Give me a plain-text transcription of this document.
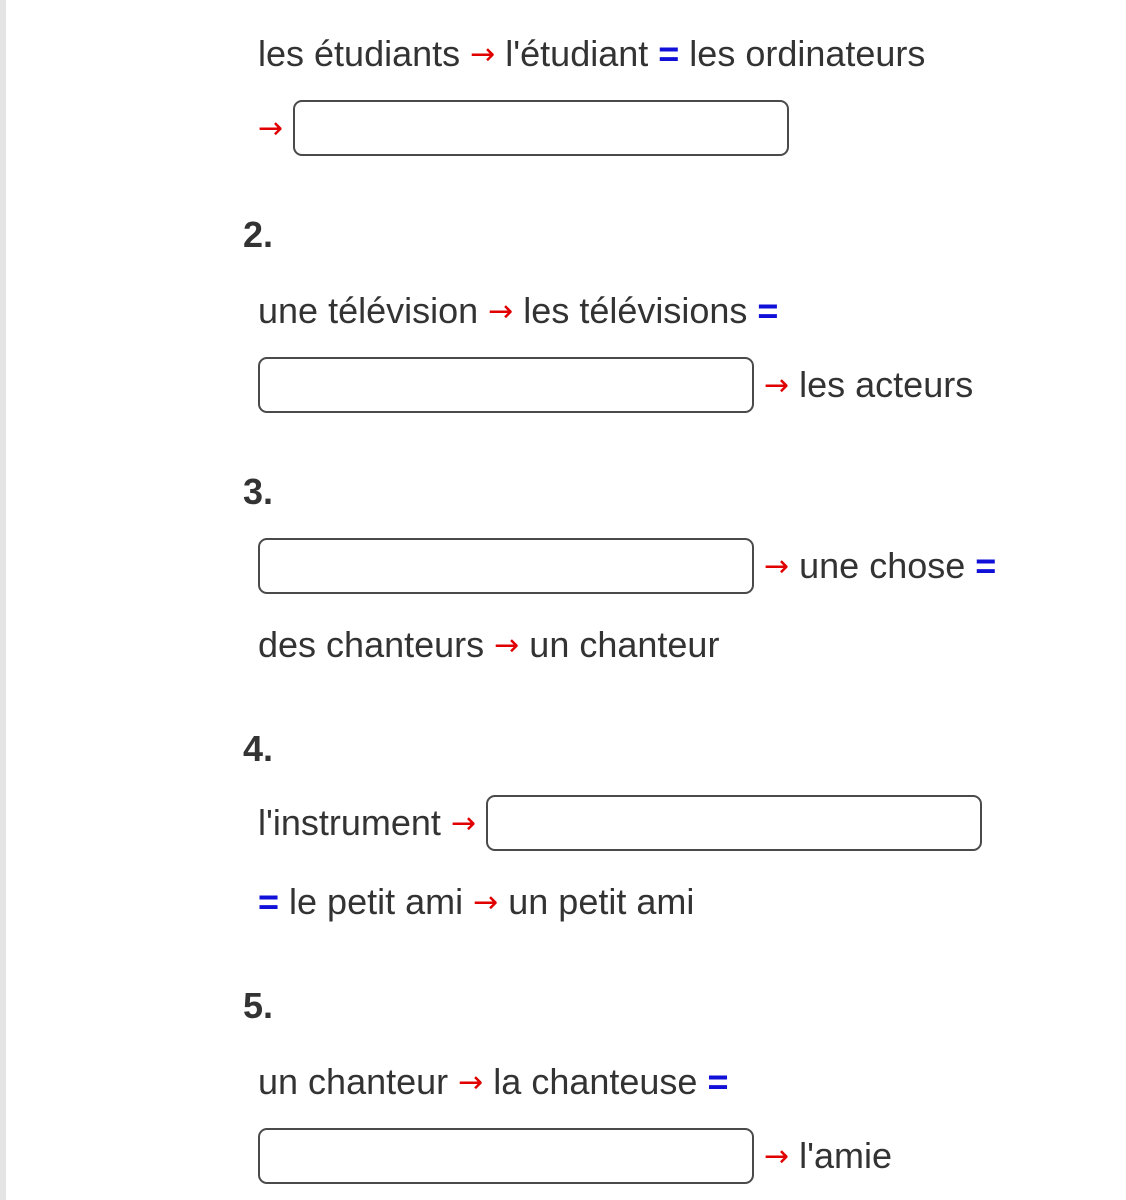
les étudiants → l'étudiant = les ordinateurs
→
2.
une télévision → les télévisions =
→ les acteurs
3.
→ une chose =
des chanteurs → un chanteur
4.
l'instrument →
= le petit ami → un petit ami
5.
un chanteur → la chanteuse =
→ l'amie
